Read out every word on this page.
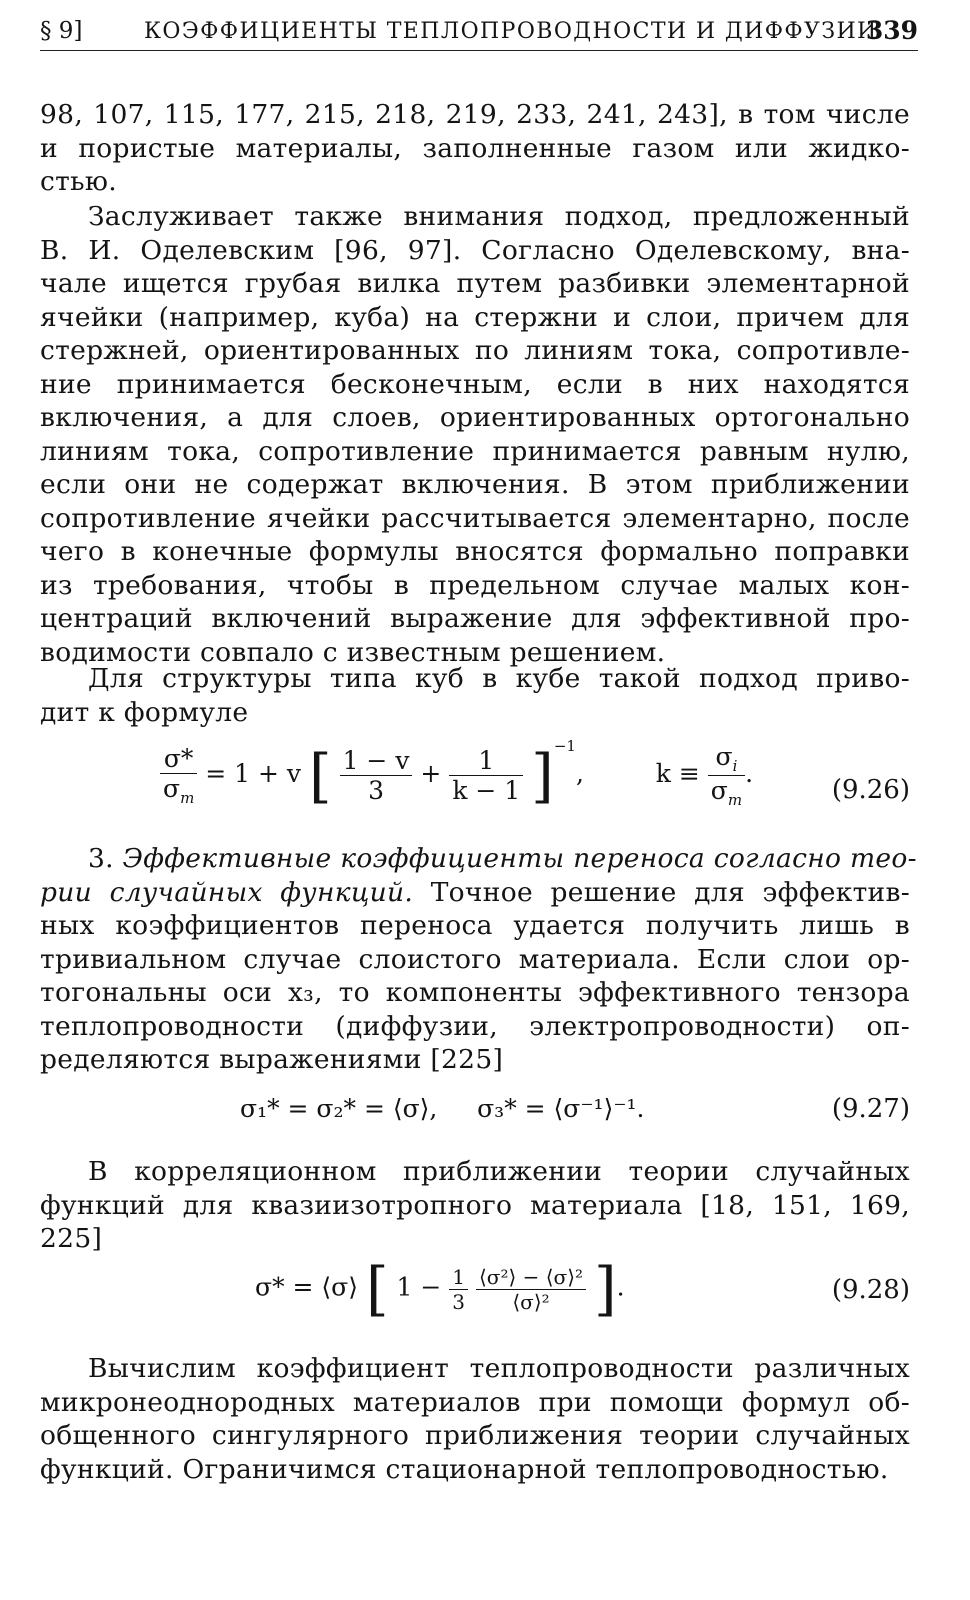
§ 9]	КОЭФФИЦИЕНТЫ ТЕПЛОПРОВОДНОСТИ И ДИФФУЗИИ
339
98, 107, 115, 177, 215, 218, 219, 233, 241, 243], в том числе
и пористые материалы, заполненные газом или жидко-
стью.
Заслуживает также внимания подход, предложенный
В. И. Оделевским [96, 97]. Согласно Оделевскому, вна-
чале ищется грубая вилка путем разбивки элементарной
ячейки (например, куба) на стержни и слои, причем для
стержней, ориентированных по линиям тока, сопротивле-
ние принимается бесконечным, если в них находятся
включения, а для слоев, ориентированных ортогонально
линиям тока, сопротивление принимается равным нулю,
если они не содержат включения. В этом приближении
сопротивление ячейки рассчитывается элементарно, после
чего в конечные формулы вносятся формально поправки
из требования, чтобы в предельном случае малых кон-
центраций включений выражение для эффективной про-
водимости совпало с известным решением.
Для структуры типа куб в кубе такой подход приво-
дит к формуле
$\frac{\sigma*}{\sigma_m} = 1 + v$ [ $\frac{1 - v}{3} + \frac{1}{k - 1} ]^{-1}$,	$k \equiv \frac{\sigma_i}{\sigma_m}$ .
(9.26)
3. Эффективные коэффициенты переноса согласно тео-
рии случайных функций. Точное решение для эффектив-
ных коэффициентов переноса удается получить лишь в
тривиальном случае слоистого материала. Если слои ор-
тогональны оси x₃, то компоненты эффективного тензора
теплопроводности (диффузии, электропроводности) оп-
ределяются выражениями [225]
σ₁* = σ₂* = ⟨σ⟩,     σ₃* = ⟨σ⁻¹⟩⁻¹.	(9.27)
В корреляционном приближении теории случайных
функций для квазиизотропного материала [18, 151, 169,
225]
σ* = ⟨σ⟩ [ $1 - \frac{1}{3}$
$\frac{\text{⟨σ²⟩ − ⟨σ⟩²}}{\text{⟨σ⟩²}}$ ].	(9.28)
Вычислим коэффициент теплопроводности различных
микронеоднородных материалов при помощи формул об-
общенного сингулярного приближения теории случайных
функций. Ограничимся стационарной теплопроводностью.
